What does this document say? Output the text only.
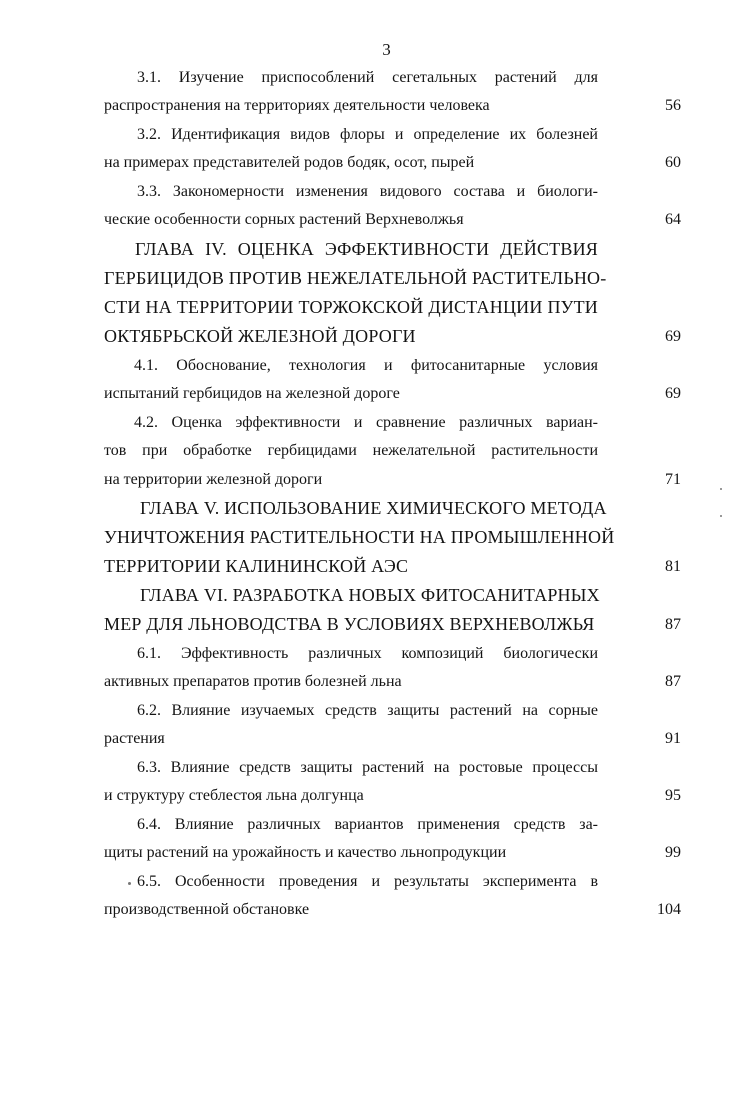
3
3.1. Изучение приспособлений сегетальных растений для
распространения на территориях деятельности человека	56
3.2. Идентификация видов флоры и определение их болезней
на примерах представителей родов бодяк, осот, пырей	60
3.3. Закономерности изменения видового состава и биологи-
ческие особенности сорных растений Верхневолжья	64
ГЛАВА IV. ОЦЕНКА ЭФФЕКТИВНОСТИ ДЕЙСТВИЯ
ГЕРБИЦИДОВ ПРОТИВ НЕЖЕЛАТЕЛЬНОЙ РАСТИТЕЛЬНО-
СТИ НА ТЕРРИТОРИИ ТОРЖОКСКОЙ ДИСТАНЦИИ ПУТИ
ОКТЯБРЬСКОЙ ЖЕЛЕЗНОЙ ДОРОГИ	69
4.1. Обоснование, технология и фитосанитарные условия
испытаний гербицидов на железной дороге	69
4.2. Оценка эффективности и сравнение различных вариан-
тов при обработке гербицидами нежелательной растительности
на территории железной дороги	71
ГЛАВА V. ИСПОЛЬЗОВАНИЕ ХИМИЧЕСКОГО МЕТОДА
УНИЧТОЖЕНИЯ РАСТИТЕЛЬНОСТИ НА ПРОМЫШЛЕННОЙ
ТЕРРИТОРИИ КАЛИНИНСКОЙ АЭС	81
ГЛАВА VI. РАЗРАБОТКА НОВЫХ ФИТОСАНИТАРНЫХ
МЕР ДЛЯ ЛЬНОВОДСТВА В УСЛОВИЯХ ВЕРХНЕВОЛЖЬЯ	87
6.1. Эффективность различных композиций биологически
активных препаратов против болезней льна	87
6.2. Влияние изучаемых средств защиты растений на сорные
растения	91
6.3. Влияние средств защиты растений на ростовые процессы
и структуру стеблестоя льна долгунца	95
6.4. Влияние различных вариантов применения средств за-
щиты растений на урожайность и качество льнопродукции	99
6.5. Особенности проведения и результаты эксперимента в
производственной обстановке	104
